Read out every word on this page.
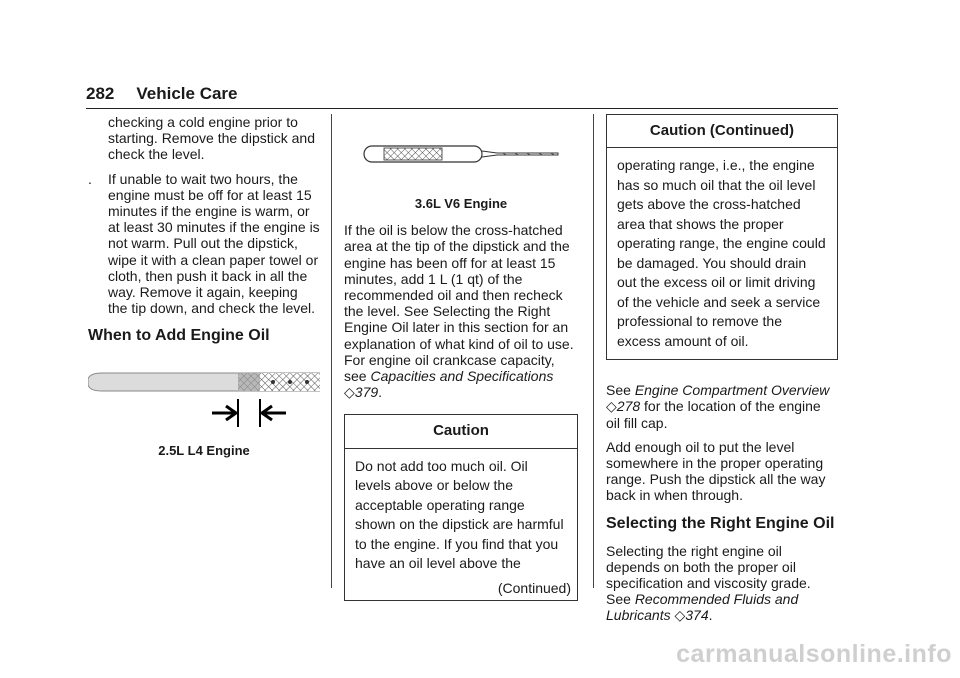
282 Vehicle Care

checking a cold engine prior to starting. Remove the dipstick and check the level.

. If unable to wait two hours, the engine must be off for at least 15 minutes if the engine is warm, or at least 30 minutes if the engine is not warm. Pull out the dipstick, wipe it with a clean paper towel or cloth, then push it back in all the way. Remove it again, keeping the tip down, and check the level.
When to Add Engine Oil
2.5L L4 Engine
3.6L V6 Engine

If the oil is below the cross-hatched area at the tip of the dipstick and the engine has been off for at least 15 minutes, add 1 L (1 qt) of the recommended oil and then recheck the level. See Selecting the Right Engine Oil later in this section for an explanation of what kind of oil to use. For engine oil crankcase capacity, see Capacities and Specifications ◇379.

Caution
Do not add too much oil. Oil levels above or below the acceptable operating range shown on the dipstick are harmful to the engine. If you find that you have an oil level above the
(Continued)
Caution (Continued)
operating range, i.e., the engine has so much oil that the oil level gets above the cross-hatched area that shows the proper operating range, the engine could be damaged. You should drain out the excess oil or limit driving of the vehicle and seek a service professional to remove the excess amount of oil.

See Engine Compartment Overview
◇278 for the location of the engine oil fill cap.

Add enough oil to put the level somewhere in the proper operating range. Push the dipstick all the way back in when through.

Selecting the Right Engine Oil

Selecting the right engine oil depends on both the proper oil specification and viscosity grade. See Recommended Fluids and Lubricants ◇374.

carmanualsonline.info
